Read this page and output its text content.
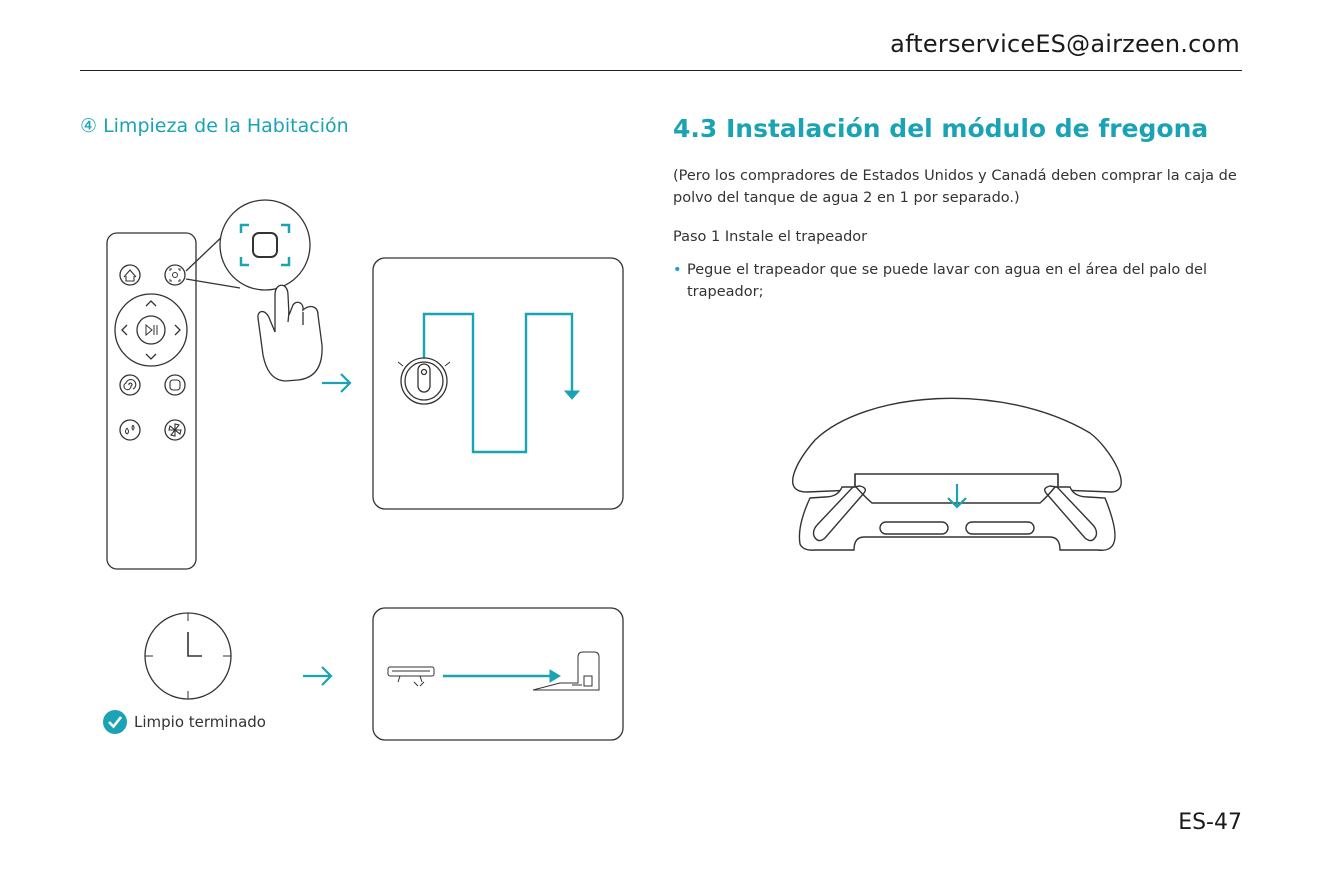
afterserviceES@airzeen.com
④ Limpieza de la Habitación	4.3 Instalación del módulo de fregona
(Pero los compradores de Estados Unidos y Canadá deben comprar la caja de polvo del tanque de agua 2 en 1 por separado.)
Paso 1 Instale el trapeador
• Pegue el trapeador que se puede lavar con agua en el área del palo del trapeador;
Limpio terminado
ES-47
